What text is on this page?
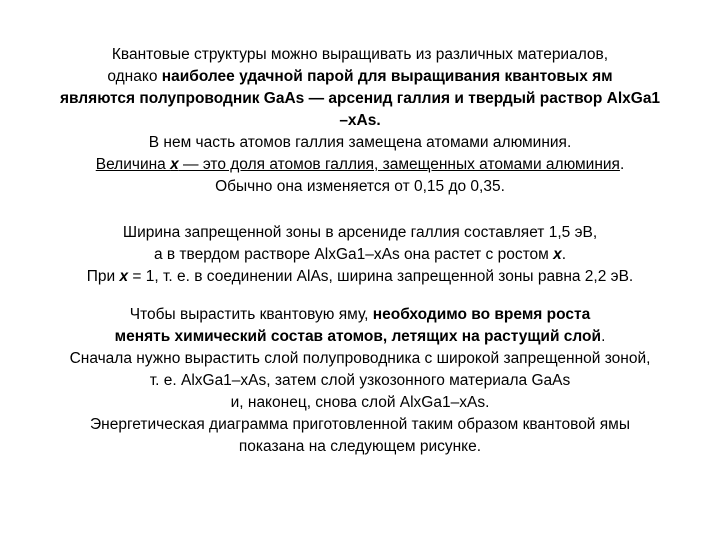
Квантовые структуры можно выращивать из различных материалов,
однако наиболее удачной парой для выращивания квантовых ям
являются полупроводник GaAs — арсенид галлия и твердый раствор AlxGa1
–xAs.
В нем часть атомов галлия замещена атомами алюминия.
Величина x — это доля атомов галлия, замещенных атомами алюминия.
Обычно она изменяется от 0,15 до 0,35.
Ширина запрещенной зоны в арсениде галлия составляет 1,5 эВ,
а в твердом растворе AlxGa1–xAs она растет с ростом x.
При x = 1, т. е. в соединении AlAs, ширина запрещенной зоны равна 2,2 эВ.
Чтобы вырастить квантовую яму, необходимо во время роста
менять химический состав атомов, летящих на растущий слой.
Сначала нужно вырастить слой полупроводника с широкой запрещенной зоной,
т. е. AlxGa1–xAs, затем слой узкозонного материала GaAs
и, наконец, снова слой AlxGa1–xAs.
Энергетическая диаграмма приготовленной таким образом квантовой ямы
показана на следующем рисунке.
